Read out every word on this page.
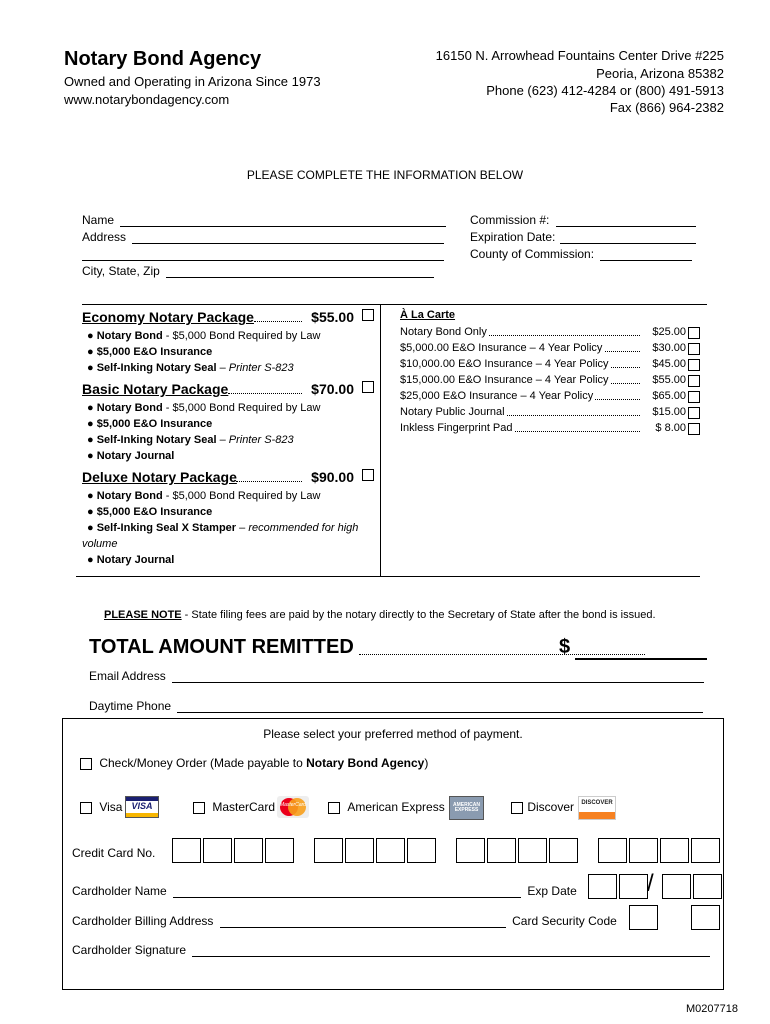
Notary Bond Agency
Owned and Operating in Arizona Since 1973
www.notarybondagency.com
16150 N. Arrowhead Fountains Center Drive #225
Peoria, Arizona 85382
Phone (623) 412-4284 or (800) 491-5913
Fax (866) 964-2382
PLEASE COMPLETE THE INFORMATION BELOW
Name
Address
City, State, Zip
Commission #:
Expiration Date:
County of Commission:
Economy Notary Package	$55.00
● Notary Bond - $5,000 Bond Required by Law
● $5,000 E&O Insurance
● Self-Inking Notary Seal – Printer S-823
Basic Notary Package	$70.00
● Notary Bond - $5,000 Bond Required by Law
● $5,000 E&O Insurance
● Self-Inking Notary Seal – Printer S-823
● Notary Journal
Deluxe Notary Package	$90.00
● Notary Bond - $5,000 Bond Required by Law
● $5,000 E&O Insurance
● Self-Inking Seal X Stamper – recommended for high
volume
● Notary Journal
À La Carte
Notary Bond Only	$25.00
$5,000.00 E&O Insurance – 4 Year Policy	$30.00
$10,000.00 E&O Insurance – 4 Year Policy	$45.00
$15,000.00 E&O Insurance – 4 Year Policy	$55.00
$25,000 E&O Insurance – 4 Year Policy	$65.00
Notary Public Journal	$15.00
Inkless Fingerprint Pad	$ 8.00
PLEASE NOTE - State filing fees are paid by the notary directly to the Secretary of State after the bond is issued.
TOTAL AMOUNT REMITTED	$
Email Address
Daytime Phone
Please select your preferred method of payment.
Check/Money Order (Made payable to Notary Bond Agency)
Visa	VISA	MasterCard MasterCard	American Express	AMERICAN EXPRESS	Discover	DISCOVER
Credit Card No.
Cardholder Name	Exp Date	/
Cardholder Billing Address	Card Security Code
Cardholder Signature
M0207718
